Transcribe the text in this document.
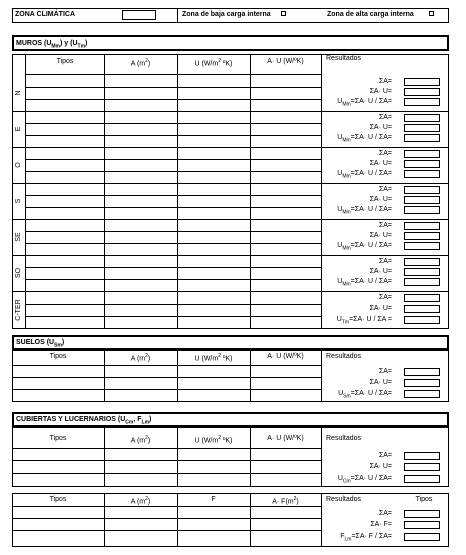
ZONA CLIMÁTICA	Zona de baja carga interna	Zona de alta carga interna
MUROS $(U_{Mm})$ y $(U_{Tm})$
Tipos	A $(m^2)$	U ($W/m^2$ ºK)	A· U (W/ºK)	Resultados
N
ΣA=
ΣA· U=
$U_{Mm}=\Sigma A\cdot U / \Sigma A=$
E
ΣA=
ΣA· U=
$U_{Mm}=\Sigma A\cdot U / \Sigma A=$
O
ΣA=
ΣA· U=
$U_{Mm}=\Sigma A\cdot U / \Sigma A=$
S
ΣA=
ΣA· U=
$U_{Mm}=\Sigma A\cdot U / \Sigma A=$
SE
ΣA=
ΣA· U=
$U_{Mm}=\Sigma A\cdot U / \Sigma A=$
SO
ΣA=
ΣA· U=
$U_{Mm}=\Sigma A\cdot U / \Sigma A=$
C-TER
ΣA=
ΣA· U=
$U_{Tm}=\Sigma A\cdot U / \Sigma A$ =
SUELOS $(U_{Sm})$
Tipos	A $(m^2)$	U ($W/m^2$ ºK)	A· U (W/ºK)	Resultados
ΣA=
ΣA· U=
$U_{Sm}=\Sigma A\cdot U / \Sigma A=$
CUBIERTAS Y LUCERNARIOS ($U_{Cm}$, $F_{Lm}$)
Tipos	A $(m^2)$	U ($W/m^2$ ºK)	A· U (W/ºK)	Resultados
ΣA=
ΣA· U=
$U_{Cm}=\Sigma A\cdot U / \Sigma A=$
Tipos	A $(m^2)$	F	$A\cdot F(m^2)$	Resultados	Tipos
ΣA=
ΣA· F=
$F_{Lm}=\Sigma A\cdot F / \Sigma A=$
